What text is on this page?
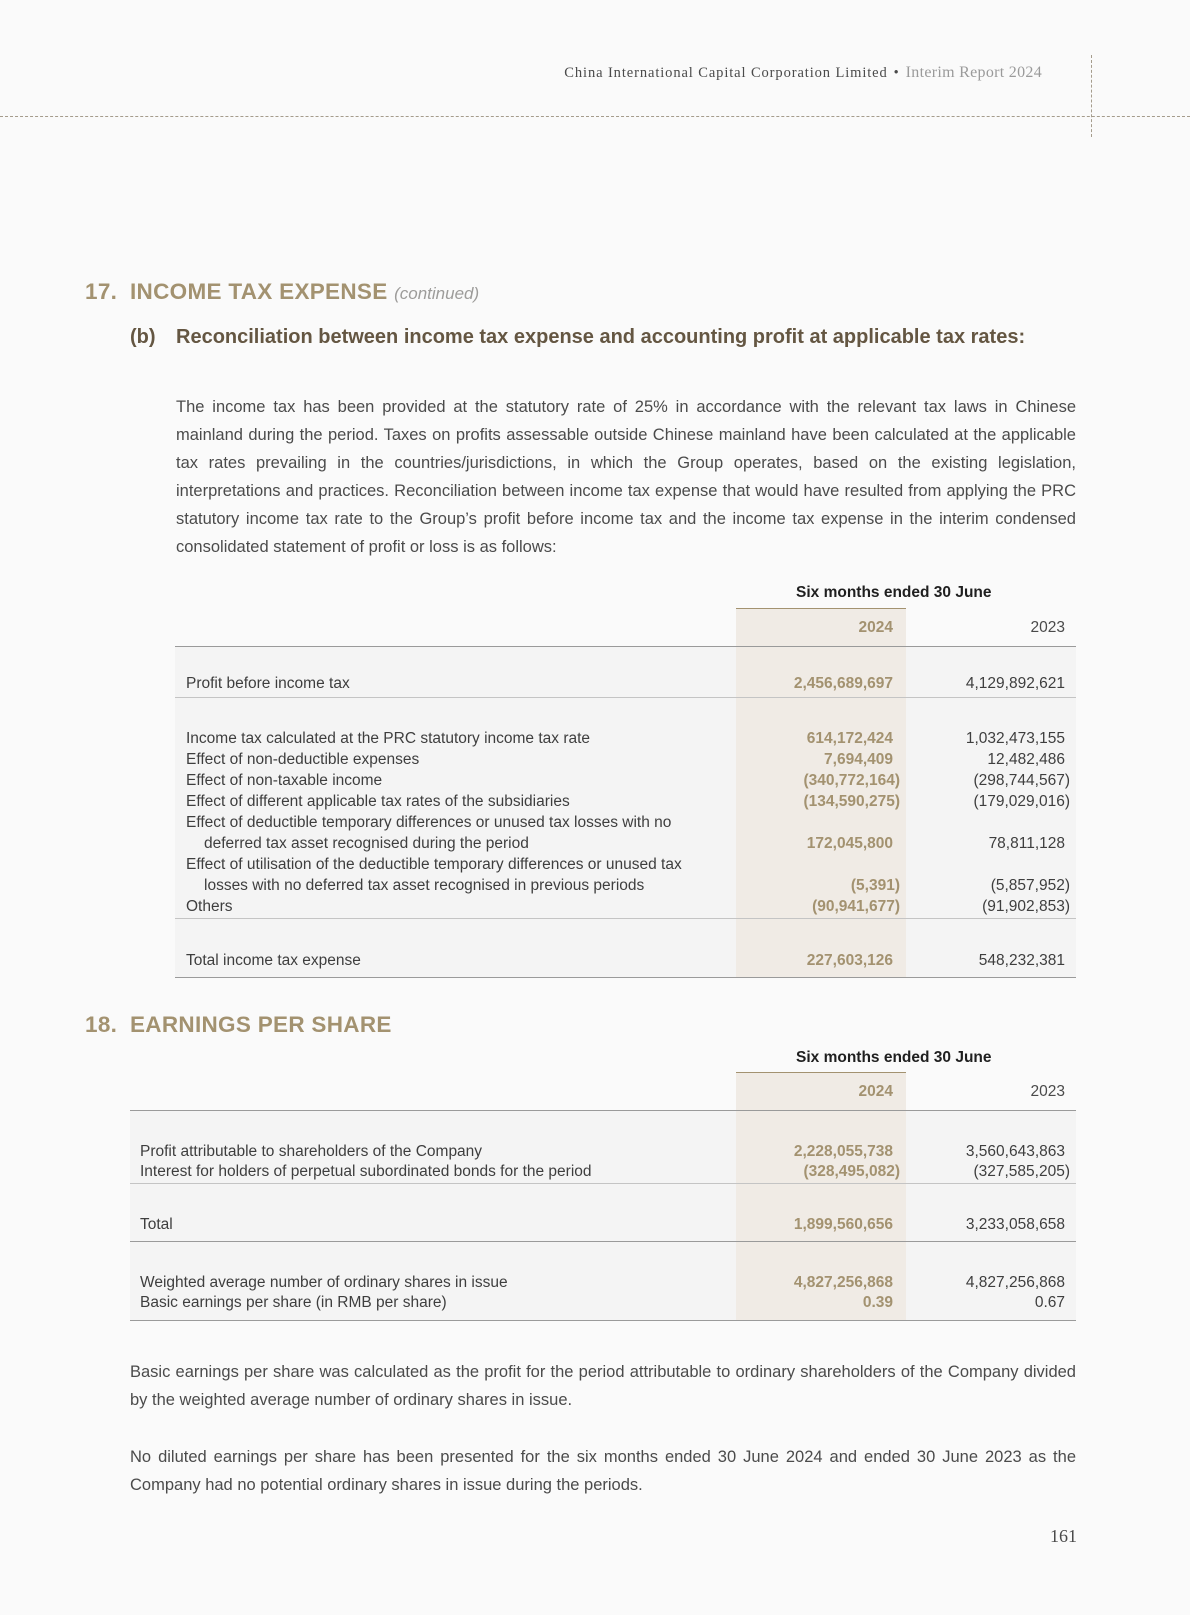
China International Capital Corporation Limited • Interim Report 2024
17. INCOME TAX EXPENSE (continued)
(b) Reconciliation between income tax expense and accounting profit at applicable tax rates:
The income tax has been provided at the statutory rate of 25% in accordance with the relevant tax laws in Chinese mainland during the period. Taxes on profits assessable outside Chinese mainland have been calculated at the applicable tax rates prevailing in the countries/jurisdictions, in which the Group operates, based on the existing legislation, interpretations and practices. Reconciliation between income tax expense that would have resulted from applying the PRC statutory income tax rate to the Group’s profit before income tax and the income tax expense in the interim condensed consolidated statement of profit or loss is as follows:
Six months ended 30 June
2024	2023
Profit before income tax	2,456,689,697	4,129,892,621
Income tax calculated at the PRC statutory income tax rate	614,172,424	1,032,473,155
Effect of non-deductible expenses	7,694,409	12,482,486
Effect of non-taxable income	(340,772,164)	(298,744,567)
Effect of different applicable tax rates of the subsidiaries	(134,590,275)	(179,029,016)
Effect of deductible temporary differences or unused tax losses with no
deferred tax asset recognised during the period	172,045,800	78,811,128
Effect of utilisation of the deductible temporary differences or unused tax
losses with no deferred tax asset recognised in previous periods	(5,391)	(5,857,952)
Others	(90,941,677)	(91,902,853)
Total income tax expense	227,603,126	548,232,381
18. EARNINGS PER SHARE
Six months ended 30 June
2024	2023
Profit attributable to shareholders of the Company	2,228,055,738	3,560,643,863
Interest for holders of perpetual subordinated bonds for the period	(328,495,082)	(327,585,205)
Total	1,899,560,656	3,233,058,658
Weighted average number of ordinary shares in issue	4,827,256,868	4,827,256,868
Basic earnings per share (in RMB per share)	0.39	0.67
Basic earnings per share was calculated as the profit for the period attributable to ordinary shareholders of the Company divided by the weighted average number of ordinary shares in issue.
No diluted earnings per share has been presented for the six months ended 30 June 2024 and ended 30 June 2023 as the Company had no potential ordinary shares in issue during the periods.
161
